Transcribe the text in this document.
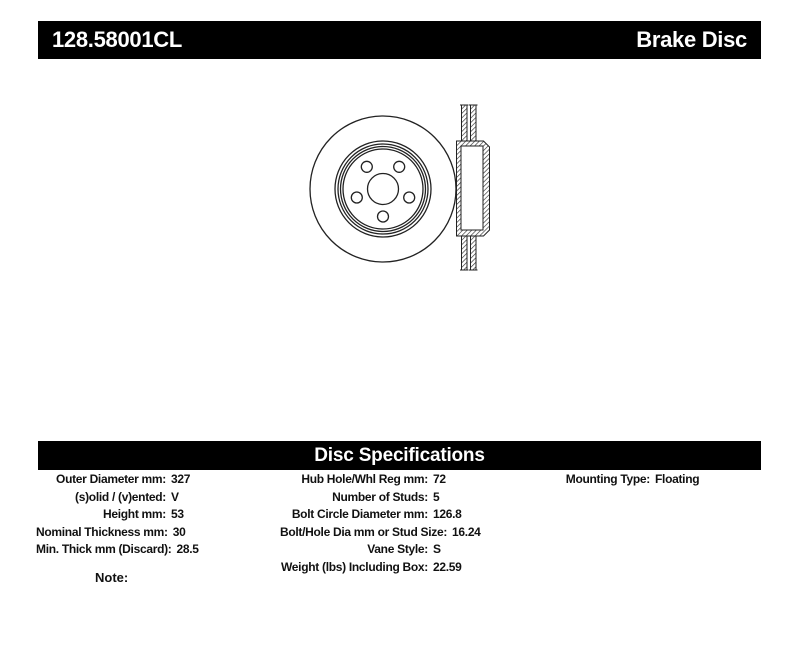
128.58001CL	Brake Disc
Disc Specifications
Outer Diameter mm: 327
(s)olid / (v)ented: V
Height mm: 53
Nominal Thickness mm: 30
Min. Thick mm (Discard): 28.5
Hub Hole/Whl Reg mm: 72
Number of Studs: 5
Bolt Circle Diameter mm: 126.8
Bolt/Hole Dia mm or Stud Size: 16.24
Vane Style: S
Weight (lbs) Including Box: 22.59
Mounting Type: Floating
Note:
